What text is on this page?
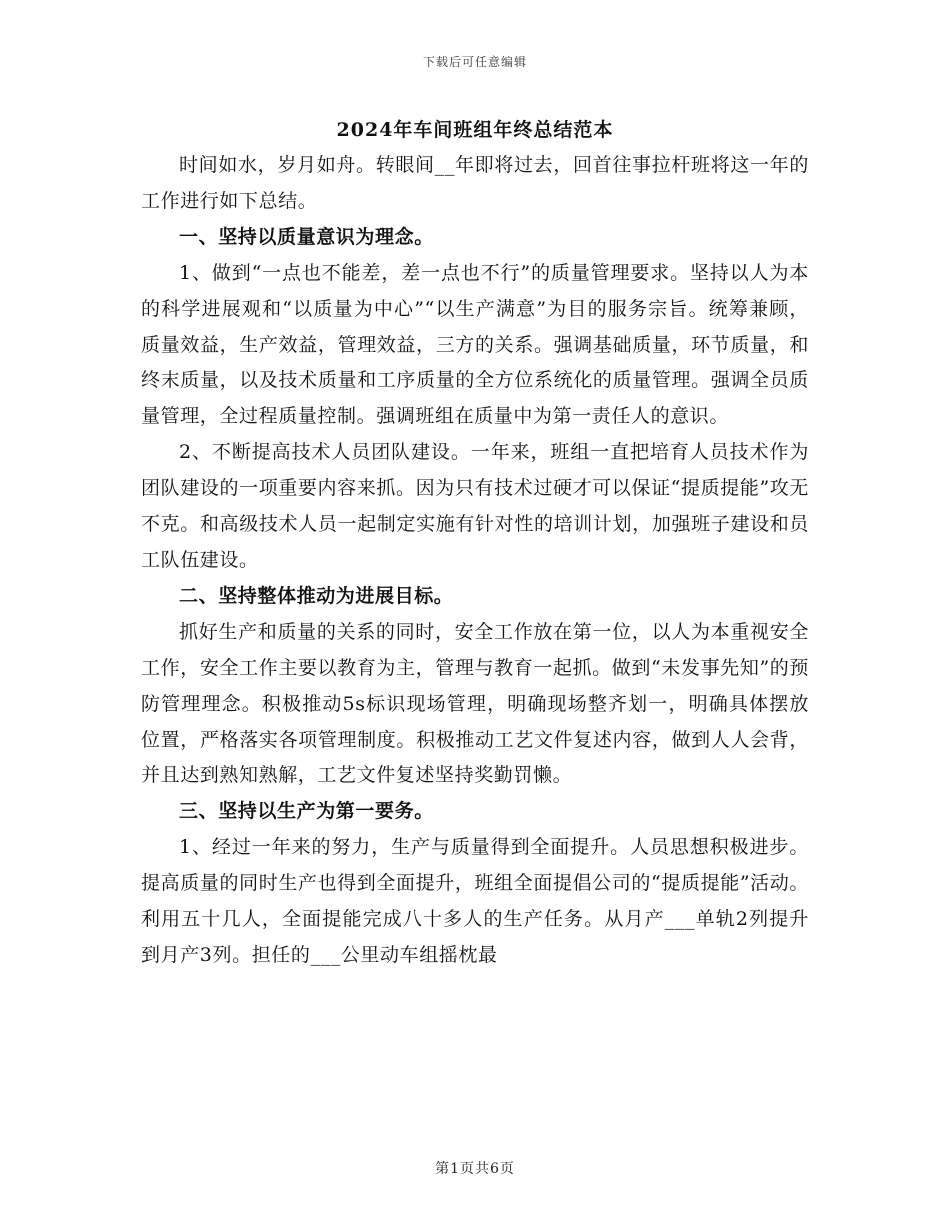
下载后可任意编辑
2024年车间班组年终总结范本

时间如水，岁月如舟。转眼间__年即将过去，回首往事拉杆班将这一年的工作进行如下总结。

一、坚持以质量意识为理念。

1、做到“一点也不能差，差一点也不行”的质量管理要求。坚持以人为本的科学进展观和“以质量为中心”“以生产满意”为目的服务宗旨。统筹兼顾，质量效益，生产效益，管理效益，三方的关系。强调基础质量，环节质量，和终末质量，以及技术质量和工序质量的全方位系统化的质量管理。强调全员质量管理，全过程质量控制。强调班组在质量中为第一责任人的意识。

2、不断提高技术人员团队建设。一年来，班组一直把培育人员技术作为团队建设的一项重要内容来抓。因为只有技术过硬才可以保证“提质提能”攻无不克。和高级技术人员一起制定实施有针对性的培训计划，加强班子建设和员工队伍建设。

二、坚持整体推动为进展目标。

抓好生产和质量的关系的同时，安全工作放在第一位，以人为本重视安全工作，安全工作主要以教育为主，管理与教育一起抓。做到“未发事先知”的预防管理理念。积极推动5s标识现场管理，明确现场整齐划一，明确具体摆放位置，严格落实各项管理制度。积极推动工艺文件复述内容，做到人人会背，并且达到熟知熟解，工艺文件复述坚持奖勤罚懒。

三、坚持以生产为第一要务。

1、经过一年来的努力，生产与质量得到全面提升。人员思想积极进步。提高质量的同时生产也得到全面提升，班组全面提倡公司的“提质提能”活动。利用五十几人，全面提能完成八十多人的生产任务。从月产___单轨2列提升到月产3列。担任的___公里动车组摇枕最

第1页共6页
